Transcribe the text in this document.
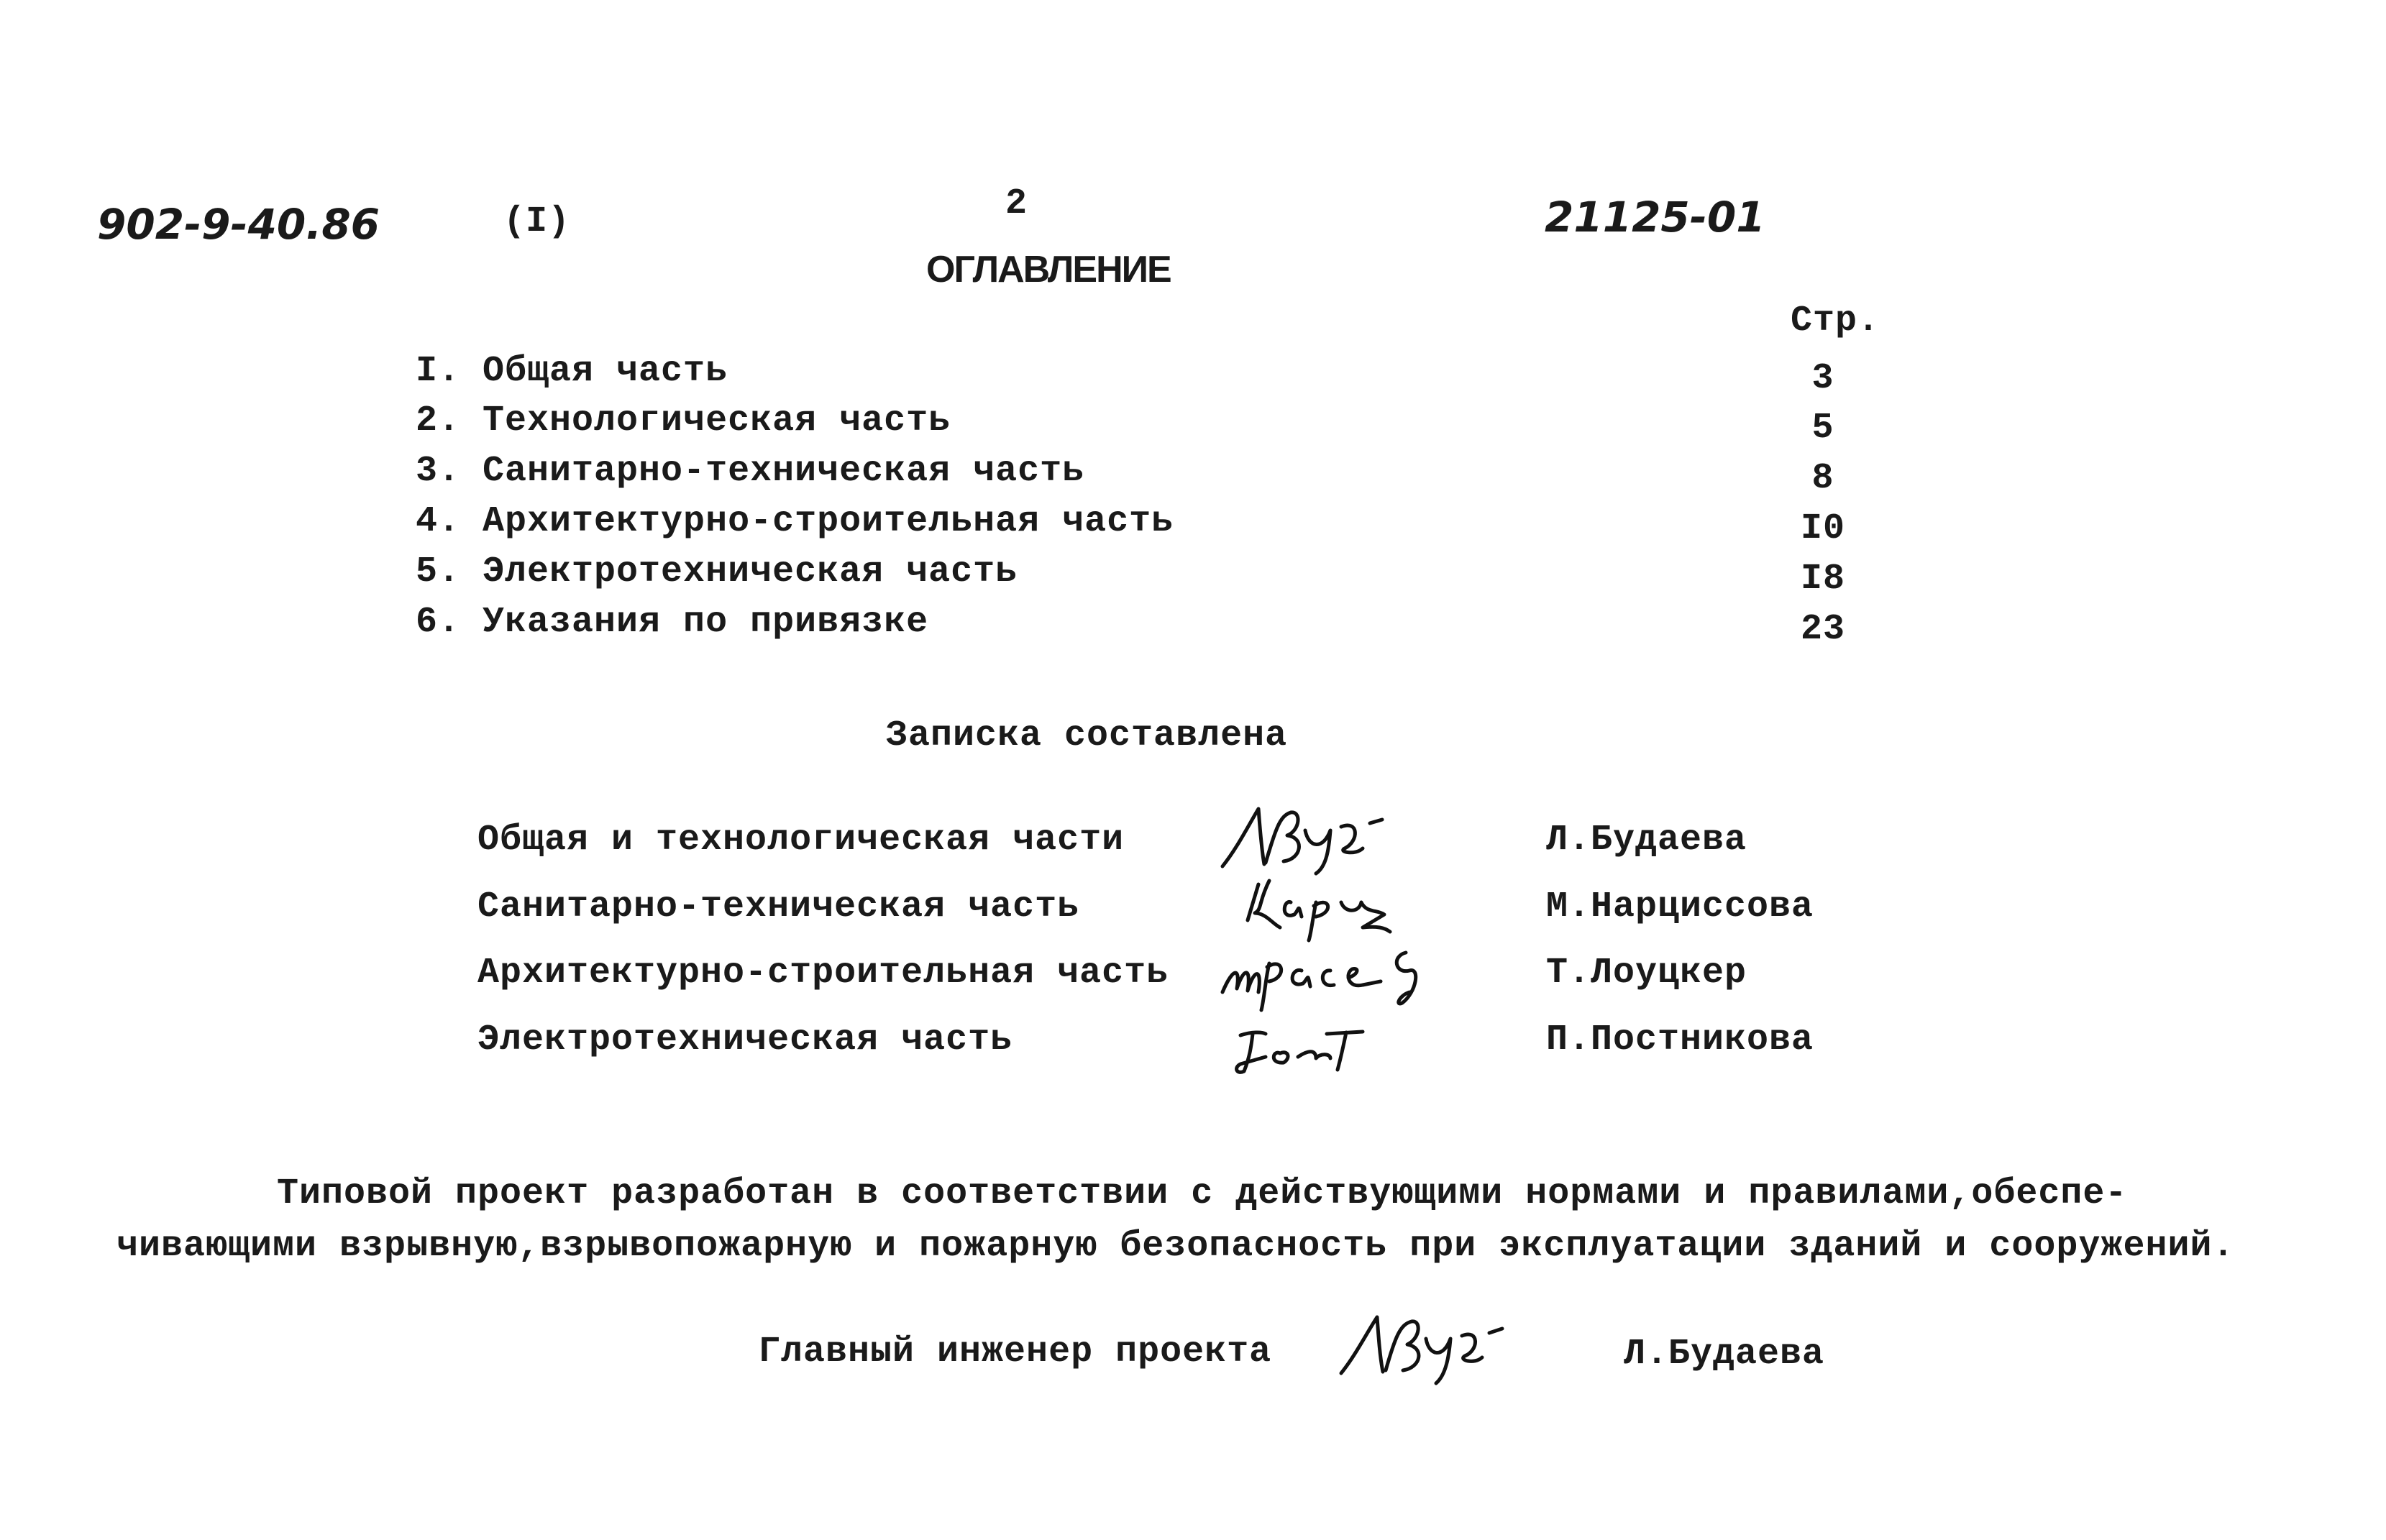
902-9-40.86	(I)	2	21125-01
ОГЛАВЛЕНИЕ
Стр.
I. Общая часть	3
2. Технологическая часть	5
3. Санитарно-техническая часть	8
4. Архитектурно-строительная часть	I0
5. Электротехническая часть	I8
6. Указания по привязке	23
Записка составлена
Общая и технологическая части	Л.Будаева
Санитарно-техническая часть	М.Нарциссова
Архитектурно-строительная часть	Т.Лоуцкер
Электротехническая часть	П.Постникова
Типовой проект разработан в соответствии с действующими нормами и правилами,обеспе-
чивающими взрывную,взрывопожарную и пожарную безопасность при эксплуатации зданий и сооружений.
Главный инженер проекта	Л.Будаева
